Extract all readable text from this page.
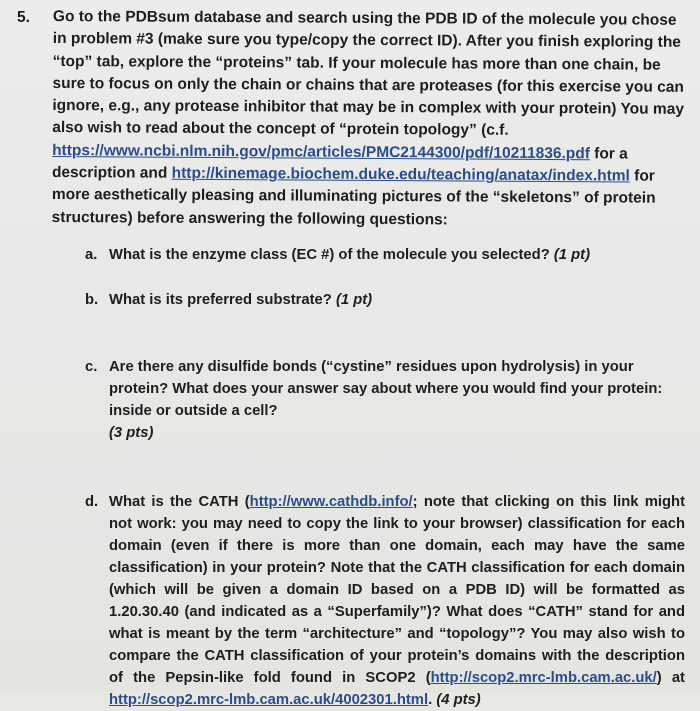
5. Go to the PDBsum database and search using the PDB ID of the molecule you chose in problem #3 (make sure you type/copy the correct ID). After you finish exploring the “top” tab, explore the “proteins” tab. If your molecule has more than one chain, be sure to focus on only the chain or chains that are proteases (for this exercise you can ignore, e.g., any protease inhibitor that may be in complex with your protein) You may also wish to read about the concept of “protein topology” (c.f. https://www.ncbi.nlm.nih.gov/pmc/articles/PMC2144300/pdf/10211836.pdf for a description and http://kinemage.biochem.duke.edu/teaching/anatax/index.html for more aesthetically pleasing and illuminating pictures of the “skeletons” of protein structures) before answering the following questions:

a. What is the enzyme class (EC #) of the molecule you selected? (1 pt)
b. What is its preferred substrate? (1 pt)
c. Are there any disulfide bonds (“cystine” residues upon hydrolysis) in your protein? What does your answer say about where you would find your protein: inside or outside a cell?
(3 pts)
d. What is the CATH (http://www.cathdb.info/; note that clicking on this link might not work: you may need to copy the link to your browser) classification for each domain (even if there is more than one domain, each may have the same classification) in your protein? Note that the CATH classification for each domain (which will be given a domain ID based on a PDB ID) will be formatted as 1.20.30.40 (and indicated as a “Superfamily”)? What does “CATH” stand for and what is meant by the term “architecture” and “topology”? You may also wish to compare the CATH classification of your protein’s domains with the description of the Pepsin-like fold found in SCOP2 (http://scop2.mrc-lmb.cam.ac.uk/) at http://scop2.mrc-lmb.cam.ac.uk/4002301.html. (4 pts)
